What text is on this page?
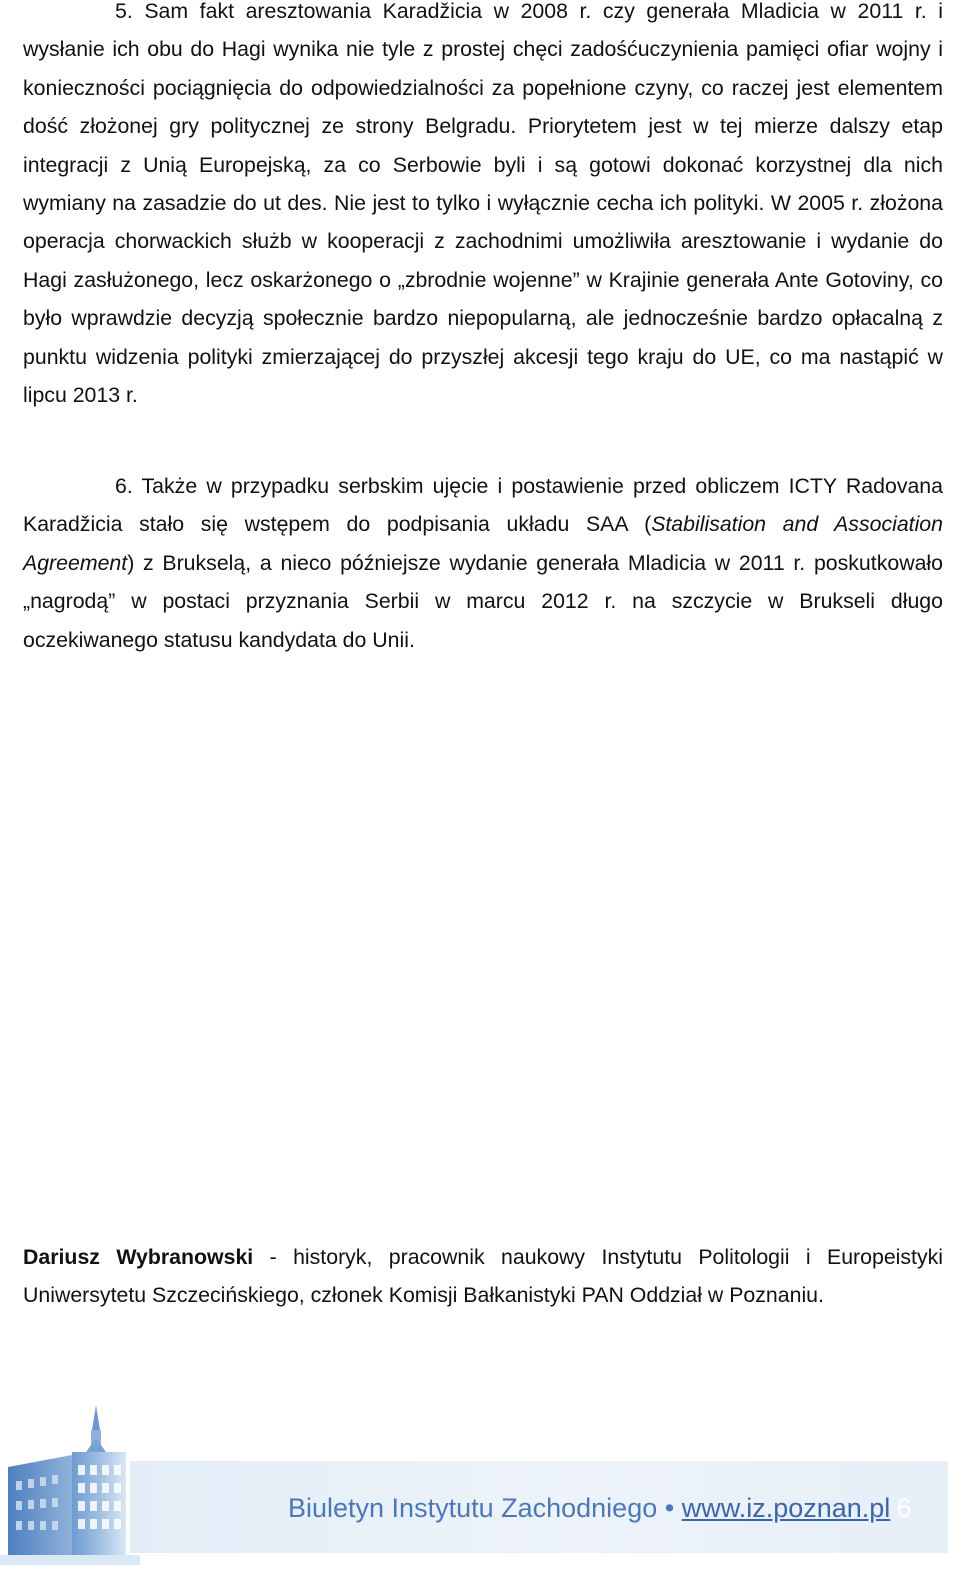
5. Sam fakt aresztowania Karadžicia w 2008 r. czy generała Mladicia w 2011 r. i wysłanie ich obu do Hagi wynika nie tyle z prostej chęci zadośćuczynienia pamięci ofiar wojny i konieczności pociągnięcia do odpowiedzialności za popełnione czyny, co raczej jest elementem dość złożonej gry politycznej ze strony Belgradu. Priorytetem jest w tej mierze dalszy etap integracji z Unią Europejską, za co Serbowie byli i są gotowi dokonać korzystnej dla nich wymiany na zasadzie do ut des. Nie jest to tylko i wyłącznie cecha ich polityki. W 2005 r. złożona operacja chorwackich służb w kooperacji z zachodnimi umożliwiła aresztowanie i wydanie do Hagi zasłużonego, lecz oskarżonego o „zbrodnie wojenne” w Krajinie generała Ante Gotoviny, co było wprawdzie decyzją społecznie bardzo niepopularną, ale jednocześnie bardzo opłacalną z punktu widzenia polityki zmierzającej do przyszłej akcesji tego kraju do UE, co ma nastąpić w lipcu 2013 r.

6. Także w przypadku serbskim ujęcie i postawienie przed obliczem ICTY Radovana Karadžicia stało się wstępem do podpisania układu SAA (Stabilisation and Association Agreement) z Brukselą, a nieco późniejsze wydanie generała Mladicia w 2011 r. poskutkowało „nagrodą” w postaci przyznania Serbii w marcu 2012 r. na szczycie w Brukseli długo oczekiwanego statusu kandydata do Unii.

Dariusz Wybranowski - historyk, pracownik naukowy Instytutu Politologii i Europeistyki Uniwersytetu Szczecińskiego, członek Komisji Bałkanistyki PAN Oddział w Poznaniu.

Biuletyn Instytutu Zachodniego • www.iz.poznan.pl 6
